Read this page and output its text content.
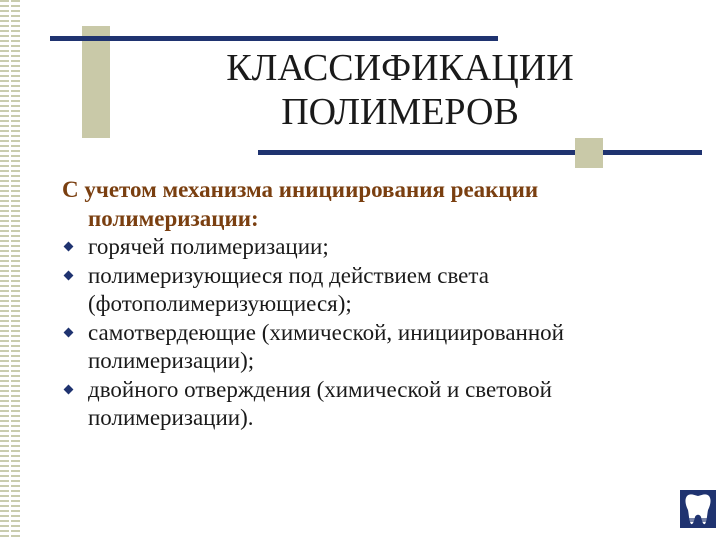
КЛАССИФИКАЦИИ
ПОЛИМЕРОВ
С учетом механизма инициирования реакции полимеризации:
горячей полимеризации;
полимеризующиеся под действием света (фотополимеризующиеся);
самотвердеющие (химической, инициированной полимеризации);
двойного отверждения (химической и световой полимеризации).
